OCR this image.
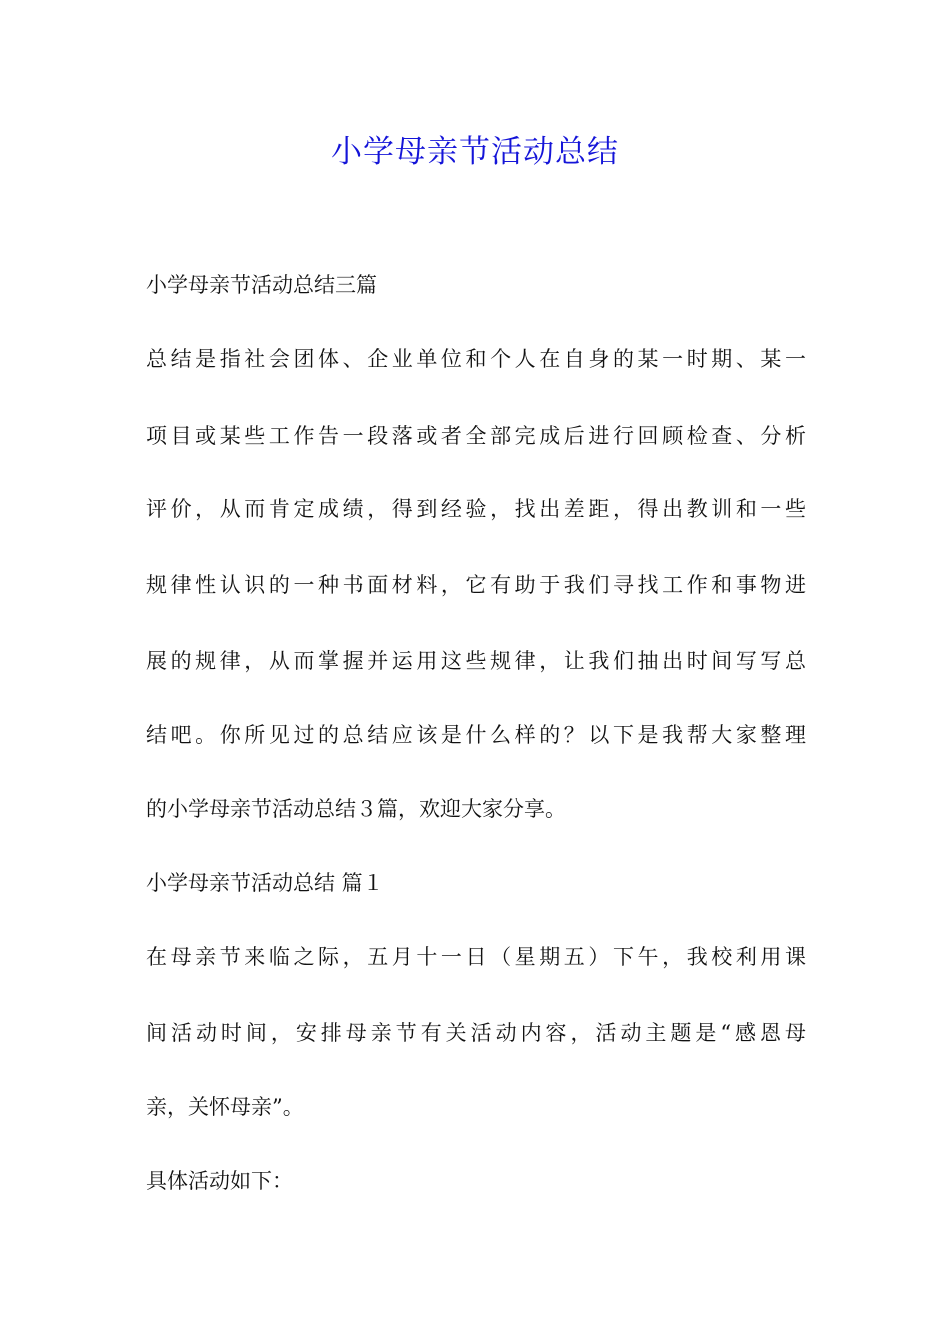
小学母亲节活动总结
小学母亲节活动总结三篇
总结是指社会团体、企业单位和个人在自身的某一时期、某一
项目或某些工作告一段落或者全部完成后进行回顾检查、分析
评价，从而肯定成绩，得到经验，找出差距，得出教训和一些
规律性认识的一种书面材料，它有助于我们寻找工作和事物进
展的规律，从而掌握并运用这些规律，让我们抽出时间写写总
结吧。你所见过的总结应该是什么样的？以下是我帮大家整理
的小学母亲节活动总结３篇，欢迎大家分享。
小学母亲节活动总结 篇１
在母亲节来临之际，五月十一日（星期五）下午，我校利用课
间活动时间，安排母亲节有关活动内容，活动主题是“感恩母
亲，关怀母亲”。
具体活动如下：
